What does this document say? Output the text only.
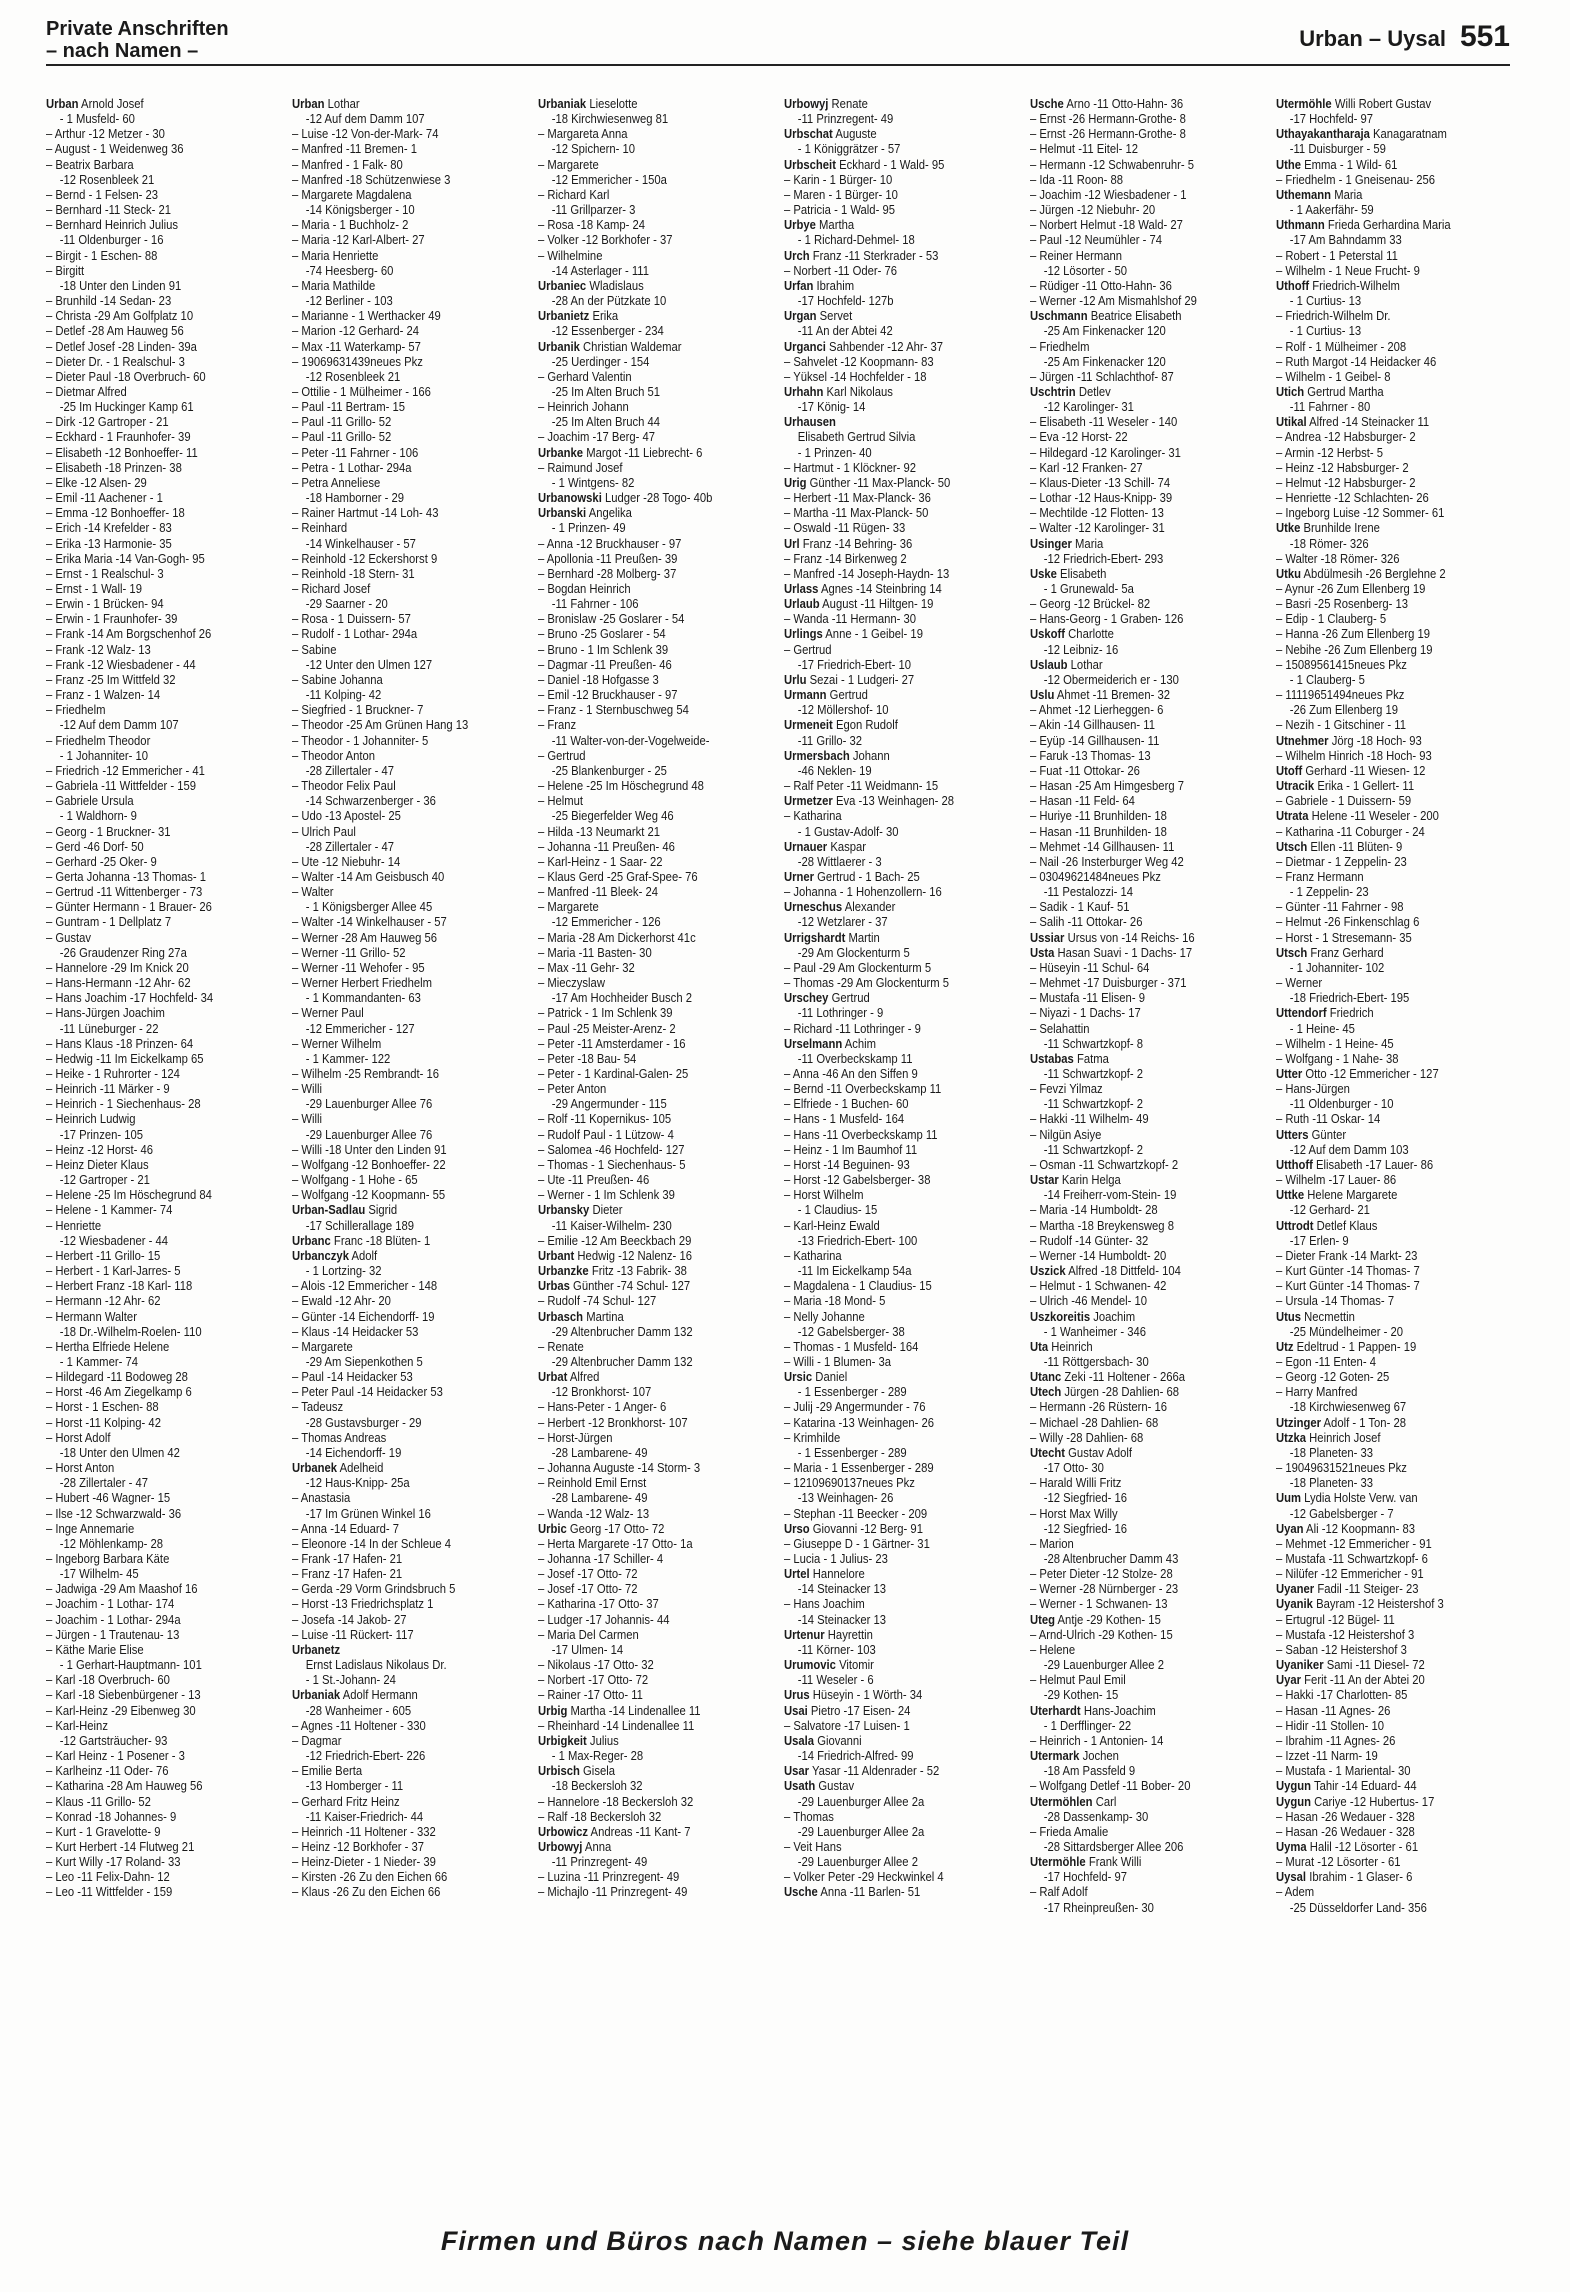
Private Anschriften
– nach Namen –	Urban – Uysal 551
Urban Arnold Josef
- 1 Musfeld- 60
– Arthur -12 Metzer - 30
– August - 1 Weidenweg 36
– Beatrix Barbara
-12 Rosenbleek 21
– Bernd - 1 Felsen- 23
– Bernhard -11 Steck- 21
– Bernhard Heinrich Julius
-11 Oldenburger - 16
– Birgit - 1 Eschen- 88
– Birgitt
-18 Unter den Linden 91
– Brunhild -14 Sedan- 23
– Christa -29 Am Golfplatz 10
– Detlef -28 Am Hauweg 56
– Detlef Josef -28 Linden- 39a
– Dieter Dr. - 1 Realschul- 3
– Dieter Paul -18 Overbruch- 60
– Dietmar Alfred
-25 Im Huckinger Kamp 61
– Dirk -12 Gartroper - 21
– Eckhard - 1 Fraunhofer- 39
– Elisabeth -12 Bonhoeffer- 11
– Elisabeth -18 Prinzen- 38
– Elke -12 Alsen- 29
– Emil -11 Aachener - 1
– Emma -12 Bonhoeffer- 18
– Erich -14 Krefelder - 83
– Erika -13 Harmonie- 35
– Erika Maria -14 Van-Gogh- 95
– Ernst - 1 Realschul- 3
– Ernst - 1 Wall- 19
– Erwin - 1 Brücken- 94
– Erwin - 1 Fraunhofer- 39
– Frank -14 Am Borgschenhof 26
– Frank -12 Walz- 13
– Frank -12 Wiesbadener - 44
– Franz -25 Im Wittfeld 32
– Franz - 1 Walzen- 14
– Friedhelm
-12 Auf dem Damm 107
– Friedhelm Theodor
- 1 Johanniter- 10
– Friedrich -12 Emmericher - 41
– Gabriela -11 Wittfelder - 159
– Gabriele Ursula
- 1 Waldhorn- 9
– Georg - 1 Bruckner- 31
– Gerd -46 Dorf- 50
– Gerhard -25 Oker- 9
– Gerta Johanna -13 Thomas- 1
– Gertrud -11 Wittenberger - 73
– Günter Hermann - 1 Brauer- 26
– Guntram - 1 Dellplatz 7
– Gustav
-26 Graudenzer Ring 27a
– Hannelore -29 Im Knick 20
– Hans-Hermann -12 Ahr- 62
– Hans Joachim -17 Hochfeld- 34
– Hans-Jürgen Joachim
-11 Lüneburger - 22
– Hans Klaus -18 Prinzen- 64
– Hedwig -11 Im Eickelkamp 65
– Heike - 1 Ruhrorter - 124
– Heinrich -11 Märker - 9
– Heinrich - 1 Siechenhaus- 28
– Heinrich Ludwig
-17 Prinzen- 105
– Heinz -12 Horst- 46
– Heinz Dieter Klaus
-12 Gartroper - 21
– Helene -25 Im Höschegrund 84
– Helene - 1 Kammer- 74
– Henriette
-12 Wiesbadener - 44
– Herbert -11 Grillo- 15
– Herbert - 1 Karl-Jarres- 5
– Herbert Franz -18 Karl- 118
– Hermann -12 Ahr- 62
– Hermann Walter
-18 Dr.-Wilhelm-Roelen- 110
– Hertha Elfriede Helene
- 1 Kammer- 74
– Hildegard -11 Bodoweg 28
– Horst -46 Am Ziegelkamp 6
– Horst - 1 Eschen- 88
– Horst -11 Kolping- 42
– Horst Adolf
-18 Unter den Ulmen 42
– Horst Anton
-28 Zillertaler - 47
– Hubert -46 Wagner- 15
– Ilse -12 Schwarzwald- 36
– Inge Annemarie
-12 Möhlenkamp- 28
– Ingeborg Barbara Käte
-17 Wilhelm- 45
– Jadwiga -29 Am Maashof 16
– Joachim - 1 Lothar- 174
– Joachim - 1 Lothar- 294a
– Jürgen - 1 Trautenau- 13
– Käthe Marie Elise
- 1 Gerhart-Hauptmann- 101
– Karl -18 Overbruch- 60
– Karl -18 Siebenbürgener - 13
– Karl-Heinz -29 Eibenweg 30
– Karl-Heinz
-12 Gartsträucher- 93
– Karl Heinz - 1 Posener - 3
– Karlheinz -11 Oder- 76
– Katharina -28 Am Hauweg 56
– Klaus -11 Grillo- 52
– Konrad -18 Johannes- 9
– Kurt - 1 Gravelotte- 9
– Kurt Herbert -14 Flutweg 21
– Kurt Willy -17 Roland- 33
– Leo -11 Felix-Dahn- 12
– Leo -11 Wittfelder - 159
Urban Lothar
-12 Auf dem Damm 107
– Luise -12 Von-der-Mark- 74
– Manfred -11 Bremen- 1
– Manfred - 1 Falk- 80
– Manfred -18 Schützenwiese 3
– Margarete Magdalena
-14 Königsberger - 10
– Maria - 1 Buchholz- 2
– Maria -12 Karl-Albert- 27
– Maria Henriette
-74 Heesberg- 60
– Maria Mathilde
-12 Berliner - 103
– Marianne - 1 Werthacker 49
– Marion -12 Gerhard- 24
– Max -11 Waterkamp- 57
– 19069631439neues Pkz
-12 Rosenbleek 21
– Ottilie - 1 Mülheimer - 166
– Paul -11 Bertram- 15
– Paul -11 Grillo- 52
– Paul -11 Grillo- 52
– Peter -11 Fahrner - 106
– Petra - 1 Lothar- 294a
– Petra Anneliese
-18 Hamborner - 29
– Rainer Hartmut -14 Loh- 43
– Reinhard
-14 Winkelhauser - 57
– Reinhold -12 Eckershorst 9
– Reinhold -18 Stern- 31
– Richard Josef
-29 Saarner - 20
– Rosa - 1 Duissern- 57
– Rudolf - 1 Lothar- 294a
– Sabine
-12 Unter den Ulmen 127
– Sabine Johanna
-11 Kolping- 42
– Siegfried - 1 Bruckner- 7
– Theodor -25 Am Grünen Hang 13
– Theodor - 1 Johanniter- 5
– Theodor Anton
-28 Zillertaler - 47
– Theodor Felix Paul
-14 Schwarzenberger - 36
– Udo -13 Apostel- 25
– Ulrich Paul
-28 Zillertaler - 47
– Ute -12 Niebuhr- 14
– Walter -14 Am Geisbusch 40
– Walter
- 1 Königsberger Allee 45
– Walter -14 Winkelhauser - 57
– Werner -28 Am Hauweg 56
– Werner -11 Grillo- 52
– Werner -11 Wehofer - 95
– Werner Herbert Friedhelm
- 1 Kommandanten- 63
– Werner Paul
-12 Emmericher - 127
– Werner Wilhelm
- 1 Kammer- 122
– Wilhelm -25 Rembrandt- 16
– Willi
-29 Lauenburger Allee 76
– Willi
-29 Lauenburger Allee 76
– Willi -18 Unter den Linden 91
– Wolfgang -12 Bonhoeffer- 22
– Wolfgang - 1 Hohe - 65
– Wolfgang -12 Koopmann- 55
Urban-Sadlau Sigrid
-17 Schillerallage 189
Urbanc Franc -18 Blüten- 1
Urbanczyk Adolf
- 1 Lortzing- 32
– Alois -12 Emmericher - 148
– Ewald -12 Ahr- 20
– Günter -14 Eichendorff- 19
– Klaus -14 Heidacker 53
– Margarete
-29 Am Siepenkothen 5
– Paul -14 Heidacker 53
– Peter Paul -14 Heidacker 53
– Tadeusz
-28 Gustavsburger - 29
– Thomas Andreas
-14 Eichendorff- 19
Urbanek Adelheid
-12 Haus-Knipp- 25a
– Anastasia
-17 Im Grünen Winkel 16
– Anna -14 Eduard- 7
– Eleonore -14 In der Schleue 4
– Frank -17 Hafen- 21
– Franz -17 Hafen- 21
– Gerda -29 Vorm Grindsbruch 5
– Horst -13 Friedrichsplatz 1
– Josefa -14 Jakob- 27
– Luise -11 Rückert- 117
Urbanetz
Ernst Ladislaus Nikolaus Dr.
- 1 St.-Johann- 24
Urbaniak Adolf Hermann
-28 Wanheimer - 605
– Agnes -11 Holtener - 330
– Dagmar
-12 Friedrich-Ebert- 226
– Emilie Berta
-13 Homberger - 11
– Gerhard Fritz Heinz
-11 Kaiser-Friedrich- 44
– Heinrich -11 Holtener - 332
– Heinz -12 Borkhofer - 37
– Heinz-Dieter - 1 Nieder- 39
– Kirsten -26 Zu den Eichen 66
– Klaus -26 Zu den Eichen 66
Urbaniak Lieselotte
-18 Kirchwiesenweg 81
– Margareta Anna
-12 Spichern- 10
– Margarete
-12 Emmericher - 150a
– Richard Karl
-11 Grillparzer- 3
– Rosa -18 Kamp- 24
– Volker -12 Borkhofer - 37
– Wilhelmine
-14 Asterlager - 111
Urbaniec Wladislaus
-28 An der Pützkate 10
Urbanietz Erika
-12 Essenberger - 234
Urbanik Christian Waldemar
-25 Uerdinger - 154
– Gerhard Valentin
-25 Im Alten Bruch 51
– Heinrich Johann
-25 Im Alten Bruch 44
– Joachim -17 Berg- 47
Urbanke Margot -11 Liebrecht- 6
– Raimund Josef
- 1 Wintgens- 82
Urbanowski Ludger -28 Togo- 40b
Urbanski Angelika
- 1 Prinzen- 49
– Anna -12 Bruckhauser - 97
– Apollonia -11 Preußen- 39
– Bernhard -28 Molberg- 37
– Bogdan Heinrich
-11 Fahrner - 106
– Bronislaw -25 Goslarer - 54
– Bruno -25 Goslarer - 54
– Bruno - 1 Im Schlenk 39
– Dagmar -11 Preußen- 46
– Daniel -18 Hofgasse 3
– Emil -12 Bruckhauser - 97
– Franz - 1 Sternbuschweg 54
– Franz
-11 Walter-von-der-Vogelweide-
– Gertrud
-25 Blankenburger - 25
– Helene -25 Im Höschegrund 48
– Helmut
-25 Biegerfelder Weg 46
– Hilda -13 Neumarkt 21
– Johanna -11 Preußen- 46
– Karl-Heinz - 1 Saar- 22
– Klaus Gerd -25 Graf-Spee- 76
– Manfred -11 Bleek- 24
– Margarete
-12 Emmericher - 126
– Maria -28 Am Dickerhorst 41c
– Maria -11 Basten- 30
– Max -11 Gehr- 32
– Mieczyslaw
-17 Am Hochheider Busch 2
– Patrick - 1 Im Schlenk 39
– Paul -25 Meister-Arenz- 2
– Peter -11 Amsterdamer - 16
– Peter -18 Bau- 54
– Peter - 1 Kardinal-Galen- 25
– Peter Anton
-29 Angermunder - 115
– Rolf -11 Kopernikus- 105
– Rudolf Paul - 1 Lützow- 4
– Salomea -46 Hochfeld- 127
– Thomas - 1 Siechenhaus- 5
– Ute -11 Preußen- 46
– Werner - 1 Im Schlenk 39
Urbansky Dieter
-11 Kaiser-Wilhelm- 230
– Emilie -12 Am Beeckbach 29
Urbant Hedwig -12 Nalenz- 16
Urbanzke Fritz -13 Fabrik- 38
Urbas Günther -74 Schul- 127
– Rudolf -74 Schul- 127
Urbasch Martina
-29 Altenbrucher Damm 132
– Renate
-29 Altenbrucher Damm 132
Urbat Alfred
-12 Bronkhorst- 107
– Hans-Peter - 1 Anger- 6
– Herbert -12 Bronkhorst- 107
– Horst-Jürgen
-28 Lambarene- 49
– Johanna Auguste -14 Storm- 3
– Reinhold Emil Ernst
-28 Lambarene- 49
– Wanda -12 Walz- 13
Urbic Georg -17 Otto- 72
– Herta Margarete -17 Otto- 1a
– Johanna -17 Schiller- 4
– Josef -17 Otto- 72
– Josef -17 Otto- 72
– Katharina -17 Otto- 37
– Ludger -17 Johannis- 44
– Maria Del Carmen
-17 Ulmen- 14
– Nikolaus -17 Otto- 32
– Norbert -17 Otto- 72
– Rainer -17 Otto- 11
Urbig Martha -14 Lindenallee 11
– Rheinhard -14 Lindenallee 11
Urbigkeit Julius
- 1 Max-Reger- 28
Urbisch Gisela
-18 Beckersloh 32
– Hannelore -18 Beckersloh 32
– Ralf -18 Beckersloh 32
Urbowicz Andreas -11 Kant- 7
Urbowyj Anna
-11 Prinzregent- 49
– Luzina -11 Prinzregent- 49
– Michajlo -11 Prinzregent- 49
Urbowyj Renate
-11 Prinzregent- 49
Urbschat Auguste
- 1 Königgrätzer - 57
Urbscheit Eckhard - 1 Wald- 95
– Karin - 1 Bürger- 10
– Maren - 1 Bürger- 10
– Patricia - 1 Wald- 95
Urbye Martha
- 1 Richard-Dehmel- 18
Urch Franz -11 Sterkrader - 53
– Norbert -11 Oder- 76
Urfan Ibrahim
-17 Hochfeld- 127b
Urgan Servet
-11 An der Abtei 42
Urganci Sahbender -12 Ahr- 37
– Sahvelet -12 Koopmann- 83
– Yüksel -14 Hochfelder - 18
Urhahn Karl Nikolaus
-17 König- 14
Urhausen
Elisabeth Gertrud Silvia
- 1 Prinzen- 40
– Hartmut - 1 Klöckner- 92
Urig Günther -11 Max-Planck- 50
– Herbert -11 Max-Planck- 36
– Martha -11 Max-Planck- 50
– Oswald -11 Rügen- 33
Url Franz -14 Behring- 36
– Franz -14 Birkenweg 2
– Manfred -14 Joseph-Haydn- 13
Urlass Agnes -14 Steinbring 14
Urlaub August -11 Hiltgen- 19
– Wanda -11 Hermann- 30
Urlings Anne - 1 Geibel- 19
– Gertrud
-17 Friedrich-Ebert- 10
Urlu Sezai - 1 Ludgeri- 27
Urmann Gertrud
-12 Möllershof- 10
Urmeneit Egon Rudolf
-11 Grillo- 32
Urmersbach Johann
-46 Neklen- 19
– Ralf Peter -11 Weidmann- 15
Urmetzer Eva -13 Weinhagen- 28
– Katharina
- 1 Gustav-Adolf- 30
Urnauer Kaspar
-28 Wittlaerer - 3
Urner Gertrud - 1 Bach- 25
– Johanna - 1 Hohenzollern- 16
Urneschus Alexander
-12 Wetzlarer - 37
Urrigshardt Martin
-29 Am Glockenturm 5
– Paul -29 Am Glockenturm 5
– Thomas -29 Am Glockenturm 5
Urschey Gertrud
-11 Lothringer - 9
– Richard -11 Lothringer - 9
Urselmann Achim
-11 Overbeckskamp 11
– Anna -46 An den Siffen 9
– Bernd -11 Overbeckskamp 11
– Elfriede - 1 Buchen- 60
– Hans - 1 Musfeld- 164
– Hans -11 Overbeckskamp 11
– Heinz - 1 Im Baumhof 11
– Horst -14 Beguinen- 93
– Horst -12 Gabelsberger- 38
– Horst Wilhelm
- 1 Claudius- 15
– Karl-Heinz Ewald
-13 Friedrich-Ebert- 100
– Katharina
-11 Im Eickelkamp 54a
– Magdalena - 1 Claudius- 15
– Maria -18 Mond- 5
– Nelly Johanne
-12 Gabelsberger- 38
– Thomas - 1 Musfeld- 164
– Willi - 1 Blumen- 3a
Ursic Daniel
- 1 Essenberger - 289
– Julij -29 Angermunder - 76
– Katarina -13 Weinhagen- 26
– Krimhilde
- 1 Essenberger - 289
– Maria - 1 Essenberger - 289
– 12109690137neues Pkz
-13 Weinhagen- 26
– Stephan -11 Beecker - 209
Urso Giovanni -12 Berg- 91
– Giuseppe D - 1 Gärtner- 31
– Lucia - 1 Julius- 23
Urtel Hannelore
-14 Steinacker 13
– Hans Joachim
-14 Steinacker 13
Urtenur Hayrettin
-11 Körner- 103
Urumovic Vitomir
-11 Weseler - 6
Urus Hüseyin - 1 Wörth- 34
Usai Pietro -17 Eisen- 24
– Salvatore -17 Luisen- 1
Usala Giovanni
-14 Friedrich-Alfred- 99
Usar Yasar -11 Aldenrader - 52
Usath Gustav
-29 Lauenburger Allee 2a
– Thomas
-29 Lauenburger Allee 2a
– Veit Hans
-29 Lauenburger Allee 2
– Volker Peter -29 Heckwinkel 4
Usche Anna -11 Barlen- 51
Usche Arno -11 Otto-Hahn- 36
– Ernst -26 Hermann-Grothe- 8
– Ernst -26 Hermann-Grothe- 8
– Helmut -11 Eitel- 12
– Hermann -12 Schwabenruhr- 5
– Ida -11 Roon- 88
– Joachim -12 Wiesbadener - 1
– Jürgen -12 Niebuhr- 20
– Norbert Helmut -18 Wald- 27
– Paul -12 Neumühler - 74
– Reiner Hermann
-12 Lösorter - 50
– Rüdiger -11 Otto-Hahn- 36
– Werner -12 Am Mismahlshof 29
Uschmann Beatrice Elisabeth
-25 Am Finkenacker 120
– Friedhelm
-25 Am Finkenacker 120
– Jürgen -11 Schlachthof- 87
Uschtrin Detlev
-12 Karolinger- 31
– Elisabeth -11 Weseler - 140
– Eva -12 Horst- 22
– Hildegard -12 Karolinger- 31
– Karl -12 Franken- 27
– Klaus-Dieter -13 Schill- 74
– Lothar -12 Haus-Knipp- 39
– Mechtilde -12 Flotten- 13
– Walter -12 Karolinger- 31
Usinger Maria
-12 Friedrich-Ebert- 293
Uske Elisabeth
- 1 Grunewald- 5a
– Georg -12 Brückel- 82
– Hans-Georg - 1 Graben- 126
Uskoff Charlotte
-12 Leibniz- 16
Uslaub Lothar
-12 Obermeiderich er - 130
Uslu Ahmet -11 Bremen- 32
– Ahmet -12 Lierheggen- 6
– Akin -14 Gillhausen- 11
– Eyüp -14 Gillhausen- 11
– Faruk -13 Thomas- 13
– Fuat -11 Ottokar- 26
– Hasan -25 Am Himgesberg 7
– Hasan -11 Feld- 64
– Huriye -11 Brunhilden- 18
– Hasan -11 Brunhilden- 18
– Mehmet -14 Gillhausen- 11
– Nail -26 Insterburger Weg 42
– 03049621484neues Pkz
-11 Pestalozzi- 14
– Sadik - 1 Kauf- 51
– Salih -11 Ottokar- 26
Ussiar Ursus von -14 Reichs- 16
Usta Hasan Suavi - 1 Dachs- 17
– Hüseyin -11 Schul- 64
– Mehmet -17 Duisburger - 371
– Mustafa -11 Elisen- 9
– Niyazi - 1 Dachs- 17
– Selahattin
-11 Schwartzkopf- 8
Ustabas Fatma
-11 Schwartzkopf- 2
– Fevzi Yilmaz
-11 Schwartzkopf- 2
– Hakki -11 Wilhelm- 49
– Nilgün Asiye
-11 Schwartzkopf- 2
– Osman -11 Schwartzkopf- 2
Ustar Karin Helga
-14 Freiherr-vom-Stein- 19
– Maria -14 Humboldt- 28
– Martha -18 Breykensweg 8
– Rudolf -14 Günter- 32
– Werner -14 Humboldt- 20
Uszick Alfred -18 Dittfeld- 104
– Helmut - 1 Schwanen- 42
– Ulrich -46 Mendel- 10
Uszkoreitis Joachim
- 1 Wanheimer - 346
Uta Heinrich
-11 Röttgersbach- 30
Utanc Zeki -11 Holtener - 266a
Utech Jürgen -28 Dahlien- 68
– Hermann -26 Rüstern- 16
– Michael -28 Dahlien- 68
– Willy -28 Dahlien- 68
Utecht Gustav Adolf
-17 Otto- 30
– Harald Willi Fritz
-12 Siegfried- 16
– Horst Max Willy
-12 Siegfried- 16
– Marion
-28 Altenbrucher Damm 43
– Peter Dieter -12 Stolze- 28
– Werner -28 Nürnberger - 23
– Werner - 1 Schwanen- 13
Uteg Antje -29 Kothen- 15
– Arnd-Ulrich -29 Kothen- 15
– Helene
-29 Lauenburger Allee 2
– Helmut Paul Emil
-29 Kothen- 15
Uterhardt Hans-Joachim
- 1 Derfflinger- 22
– Heinrich - 1 Antonien- 14
Utermark Jochen
-18 Am Passfeld 9
– Wolfgang Detlef -11 Bober- 20
Utermöhlen Carl
-28 Dassenkamp- 30
– Frieda Amalie
-28 Sittardsberger Allee 206
Utermöhle Frank Willi
-17 Hochfeld- 97
– Ralf Adolf
-17 Rheinpreußen- 30
Utermöhle Willi Robert Gustav
-17 Hochfeld- 97
Uthayakantharaja Kanagaratnam
-11 Duisburger - 59
Uthe Emma - 1 Wild- 61
– Friedhelm - 1 Gneisenau- 256
Uthemann Maria
- 1 Aakerfähr- 59
Uthmann Frieda Gerhardina Maria
-17 Am Bahndamm 33
– Robert - 1 Peterstal 11
– Wilhelm - 1 Neue Frucht- 9
Uthoff Friedrich-Wilhelm
- 1 Curtius- 13
– Friedrich-Wilhelm Dr.
- 1 Curtius- 13
– Rolf - 1 Mülheimer - 208
– Ruth Margot -14 Heidacker 46
– Wilhelm - 1 Geibel- 8
Utich Gertrud Martha
-11 Fahrner - 80
Utikal Alfred -14 Steinacker 11
– Andrea -12 Habsburger- 2
– Armin -12 Herbst- 5
– Heinz -12 Habsburger- 2
– Helmut -12 Habsburger- 2
– Henriette -12 Schlachten- 26
– Ingeborg Luise -12 Sommer- 61
Utke Brunhilde Irene
-18 Römer- 326
– Walter -18 Römer- 326
Utku Abdülmesih -26 Berglehne 2
– Aynur -26 Zum Ellenberg 19
– Basri -25 Rosenberg- 13
– Edip - 1 Clauberg- 5
– Hanna -26 Zum Ellenberg 19
– Nebihe -26 Zum Ellenberg 19
– 15089561415neues Pkz
- 1 Clauberg- 5
– 11119651494neues Pkz
-26 Zum Ellenberg 19
– Nezih - 1 Gitschiner - 11
Utnehmer Jörg -18 Hoch- 93
– Wilhelm Hinrich -18 Hoch- 93
Utoff Gerhard -11 Wiesen- 12
Utracik Erika - 1 Gellert- 11
– Gabriele - 1 Duissern- 59
Utrata Helene -11 Weseler - 200
– Katharina -11 Coburger - 24
Utsch Ellen -11 Blüten- 9
– Dietmar - 1 Zeppelin- 23
– Franz Hermann
- 1 Zeppelin- 23
– Günter -11 Fahrner - 98
– Helmut -26 Finkenschlag 6
– Horst - 1 Stresemann- 35
Utsch Franz Gerhard
- 1 Johanniter- 102
– Werner
-18 Friedrich-Ebert- 195
Uttendorf Friedrich
- 1 Heine- 45
– Wilhelm - 1 Heine- 45
– Wolfgang - 1 Nahe- 38
Utter Otto -12 Emmericher - 127
– Hans-Jürgen
-11 Oldenburger - 10
– Ruth -11 Oskar- 14
Utters Günter
-12 Auf dem Damm 103
Utthoff Elisabeth -17 Lauer- 86
– Wilhelm -17 Lauer- 86
Uttke Helene Margarete
-12 Gerhard- 21
Uttrodt Detlef Klaus
-17 Erlen- 9
– Dieter Frank -14 Markt- 23
– Kurt Günter -14 Thomas- 7
– Kurt Günter -14 Thomas- 7
– Ursula -14 Thomas- 7
Utus Necmettin
-25 Mündelheimer - 20
Utz Edeltrud - 1 Pappen- 19
– Egon -11 Enten- 4
– Georg -12 Goten- 25
– Harry Manfred
-18 Kirchwiesenweg 67
Utzinger Adolf - 1 Ton- 28
Utzka Heinrich Josef
-18 Planeten- 33
– 19049631521neues Pkz
-18 Planeten- 33
Uum Lydia Holste Verw. van
-12 Gabelsberger - 7
Uyan Ali -12 Koopmann- 83
– Mehmet -12 Emmericher - 91
– Mustafa -11 Schwartzkopf- 6
– Nilüfer -12 Emmericher - 91
Uyaner Fadil -11 Steiger- 23
Uyanik Bayram -12 Heistershof 3
– Ertugrul -12 Bügel- 11
– Mustafa -12 Heistershof 3
– Saban -12 Heistershof 3
Uyaniker Sami -11 Diesel- 72
Uyar Ferit -11 An der Abtei 20
– Hakki -17 Charlotten- 85
– Hasan -11 Agnes- 26
– Hidir -11 Stollen- 10
– Ibrahim -11 Agnes- 26
– Izzet -11 Narm- 19
– Mustafa - 1 Mariental- 30
Uygun Tahir -14 Eduard- 44
Uygun Cariye -12 Hubertus- 17
– Hasan -26 Wedauer - 328
– Hasan -26 Wedauer - 328
Uyma Halil -12 Lösorter - 61
– Murat -12 Lösorter - 61
Uysal Ibrahim - 1 Glaser- 6
– Adem
-25 Düsseldorfer Land- 356
Firmen und Büros nach Namen – siehe blauer Teil
